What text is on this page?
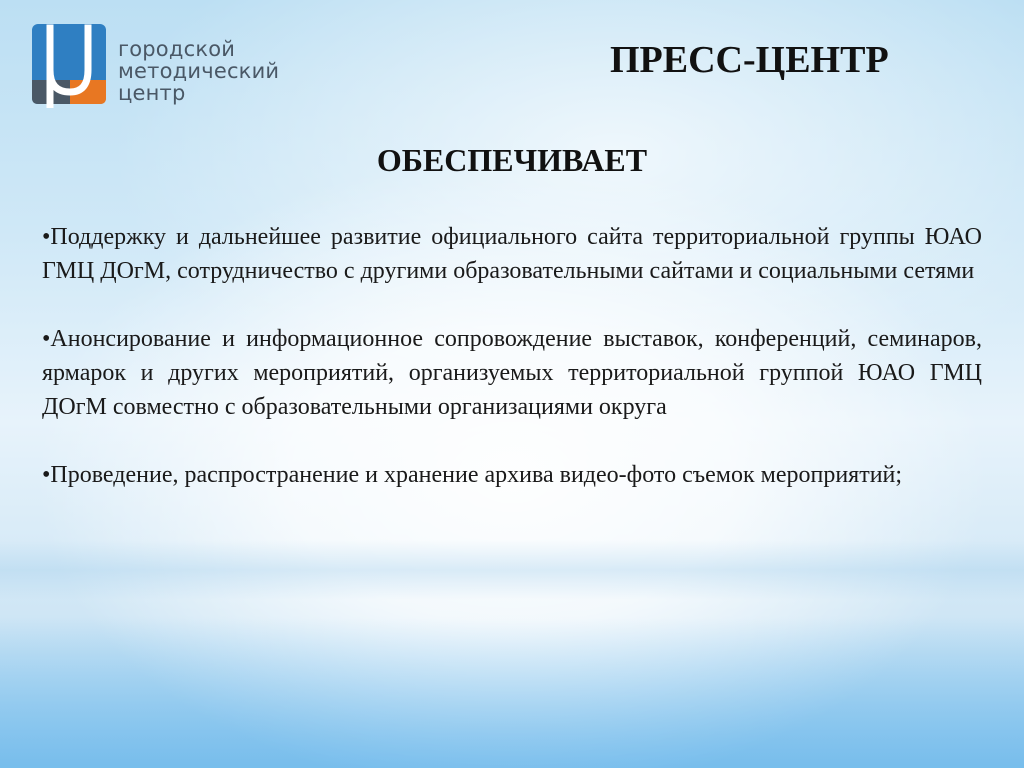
городской
методический
центр
ПРЕСС-ЦЕНТР
ОБЕСПЕЧИВАЕТ
•Поддержку и дальнейшее развитие официального сайта территориальной группы ЮАО ГМЦ ДОгМ, сотрудничество с другими образовательными сайтами и социальными сетями
•Анонсирование и информационное сопровождение выставок, конференций, семинаров, ярмарок и других мероприятий, организуемых территориальной группой ЮАО ГМЦ ДОгМ совместно с образовательными организациями округа
•Проведение, распространение и хранение архива видео-фото съемок мероприятий;
